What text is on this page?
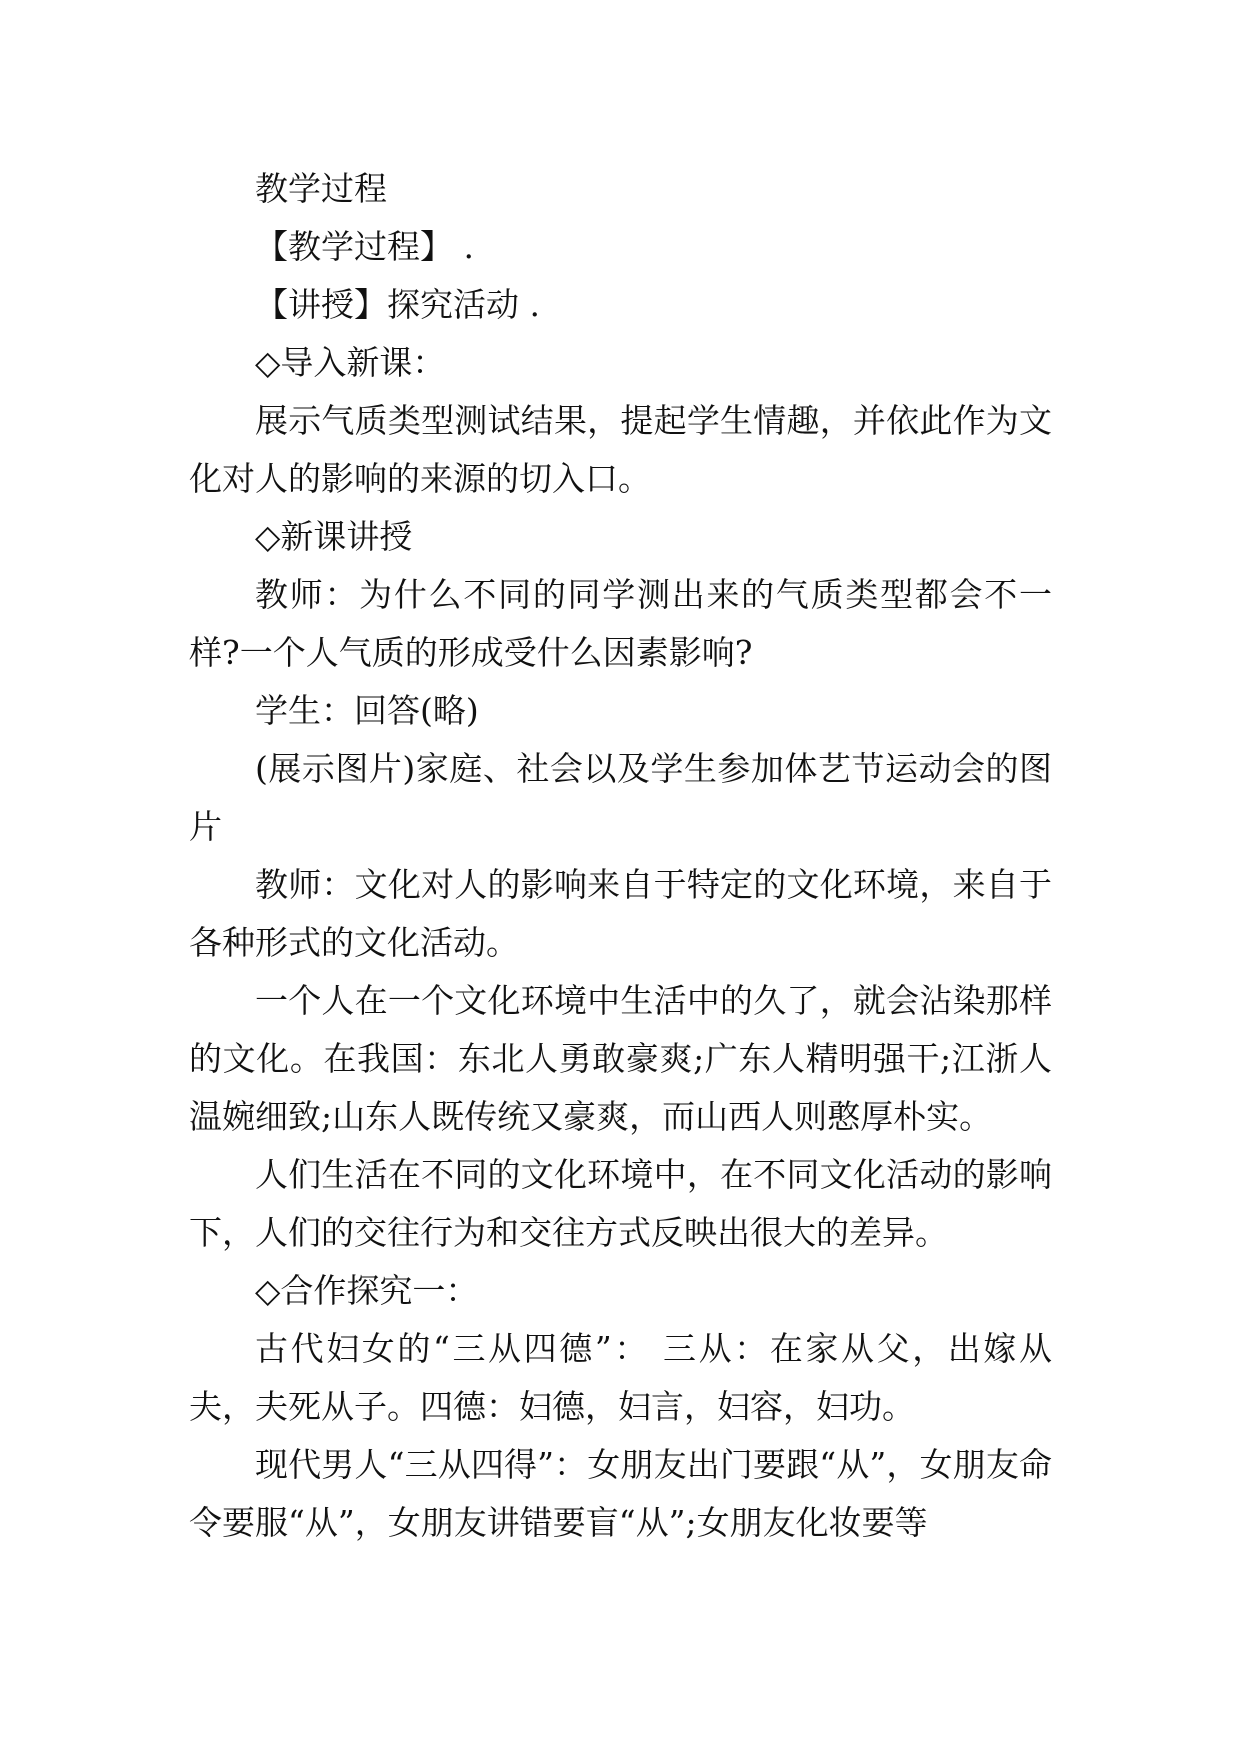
教学过程

【教学过程】 .

【讲授】探究活动 .

◇导入新课：

展示气质类型测试结果，提起学生情趣，并依此作为文化对人的影响的来源的切入口。

◇新课讲授

教师：为什么不同的同学测出来的气质类型都会不一样?一个人气质的形成受什么因素影响?

学生：回答(略)

(展示图片)家庭、社会以及学生参加体艺节运动会的图片

教师：文化对人的影响来自于特定的文化环境，来自于各种形式的文化活动。

一个人在一个文化环境中生活中的久了，就会沾染那样的文化。在我国：东北人勇敢豪爽;广东人精明强干;江浙人温婉细致;山东人既传统又豪爽，而山西人则憨厚朴实。

人们生活在不同的文化环境中，在不同文化活动的影响下，人们的交往行为和交往方式反映出很大的差异。

◇合作探究一：

古代妇女的“三从四德”： 三从：在家从父，出嫁从夫，夫死从子。四德：妇德，妇言，妇容，妇功。

现代男人“三从四得”：女朋友出门要跟“从”，女朋友命令要服“从”，女朋友讲错要盲“从”;女朋友化妆要等
